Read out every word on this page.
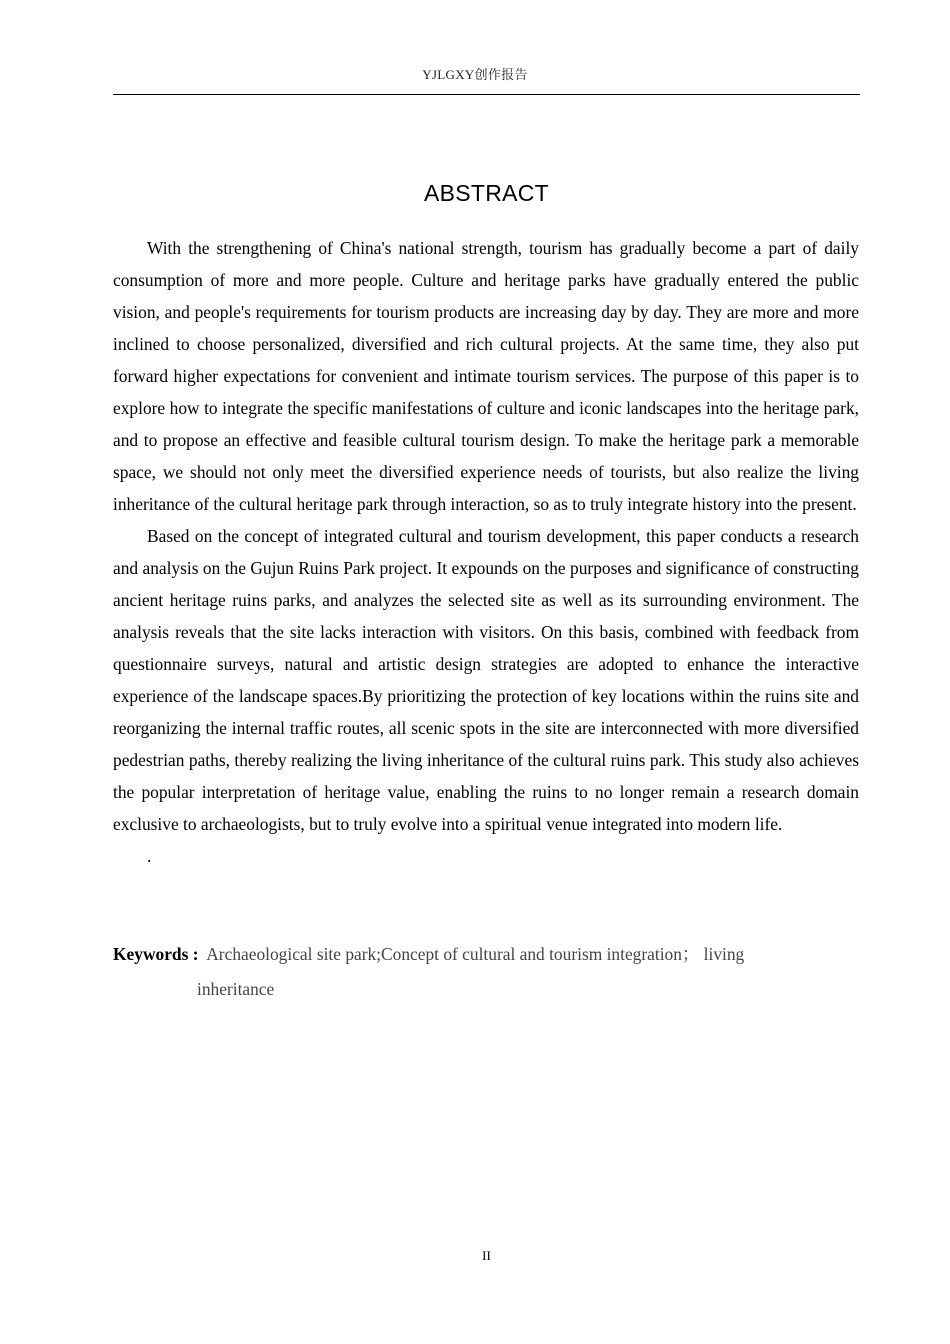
YJLGXY创作报告
ABSTRACT

With the strengthening of China's national strength, tourism has gradually become a part of daily consumption of more and more people. Culture and heritage parks have gradually entered the public vision, and people's requirements for tourism products are increasing day by day. They are more and more inclined to choose personalized, diversified and rich cultural projects. At the same time, they also put forward higher expectations for convenient and intimate tourism services. The purpose of this paper is to explore how to integrate the specific manifestations of culture and iconic landscapes into the heritage park, and to propose an effective and feasible cultural tourism design. To make the heritage park a memorable space, we should not only meet the diversified experience needs of tourists, but also realize the living inheritance of the cultural heritage park through interaction, so as to truly integrate history into the present.

Based on the concept of integrated cultural and tourism development, this paper conducts a research and analysis on the Gujun Ruins Park project. It expounds on the purposes and significance of constructing ancient heritage ruins parks, and analyzes the selected site as well as its surrounding environment. The analysis reveals that the site lacks interaction with visitors. On this basis, combined with feedback from questionnaire surveys, natural and artistic design strategies are adopted to enhance the interactive experience of the landscape spaces.By prioritizing the protection of key locations within the ruins site and reorganizing the internal traffic routes, all scenic spots in the site are interconnected with more diversified pedestrian paths, thereby realizing the living inheritance of the cultural ruins park. This study also achieves the popular interpretation of heritage value, enabling the ruins to no longer remain a research domain exclusive to archaeologists, but to truly evolve into a spiritual venue integrated into modern life.

.
Keywords : Archaeological site park;Concept of cultural and tourism integration； living
inheritance
II
